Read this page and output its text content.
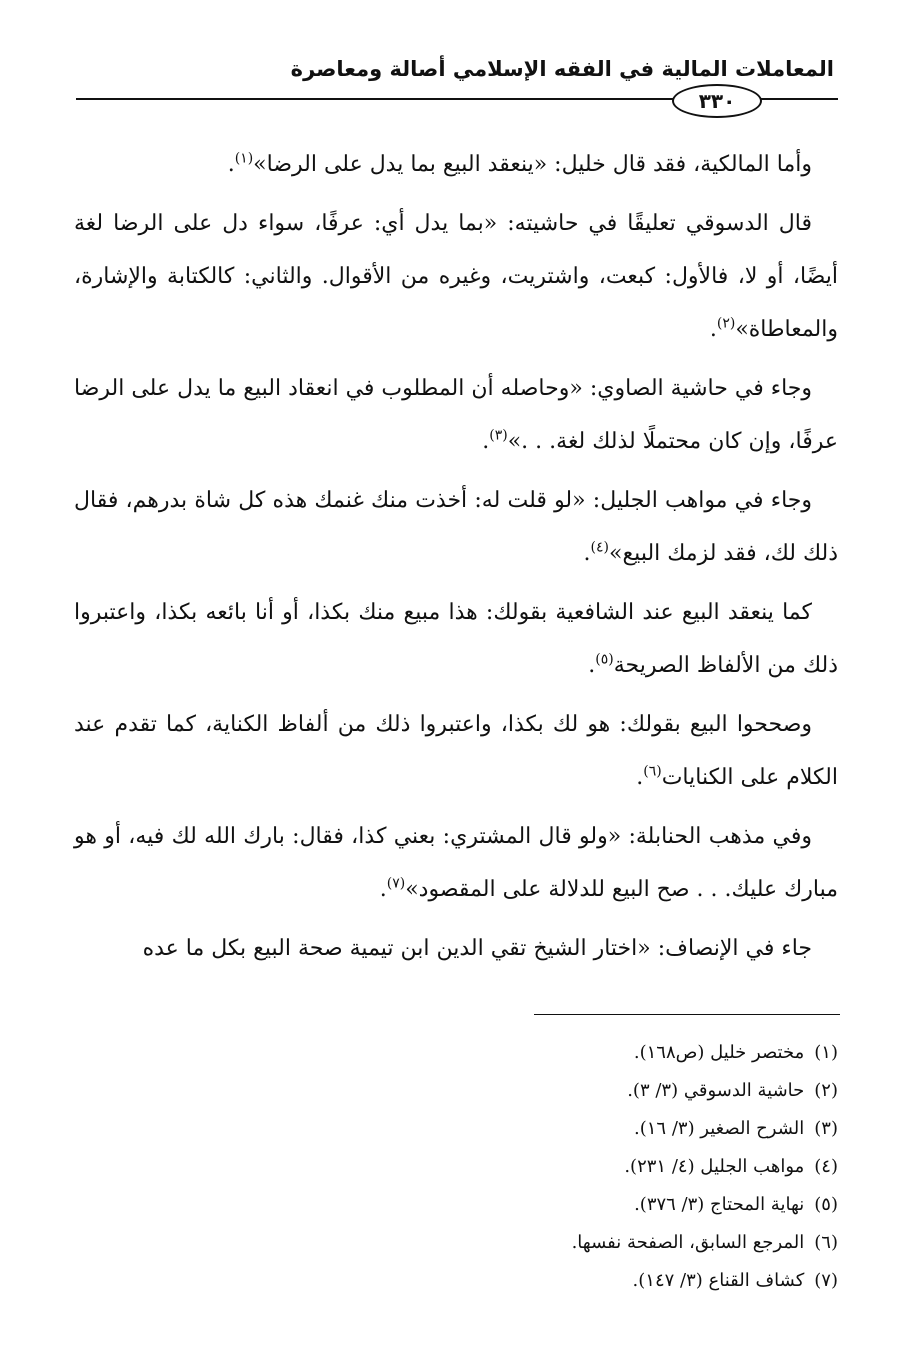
المعاملات المالية في الفقه الإسلامي أصالة ومعاصرة
٣٣٠

وأما المالكية، فقد قال خليل: «ينعقد البيع بما يدل على الرضا»$^{(١)}$.

قال الدسوقي تعليقًا في حاشيته: «بما يدل أي: عرفًا، سواء دل على الرضا لغة أيضًا، أو لا، فالأول: كبعت، واشتريت، وغيره من الأقوال. والثاني: كالكتابة والإشارة، والمعاطاة»$^{(٢)}$.

وجاء في حاشية الصاوي: «وحاصله أن المطلوب في انعقاد البيع ما يدل على الرضا عرفًا، وإن كان محتملًا لذلك لغة. . .»$^{(٣)}$.

وجاء في مواهب الجليل: «لو قلت له: أخذت منك غنمك هذه كل شاة بدرهم، فقال ذلك لك، فقد لزمك البيع»$^{(٤)}$.

كما ينعقد البيع عند الشافعية بقولك: هذا مبيع منك بكذا، أو أنا بائعه بكذا، واعتبروا ذلك من الألفاظ الصريحة$^{(٥)}$.

وصححوا البيع بقولك: هو لك بكذا، واعتبروا ذلك من ألفاظ الكناية، كما تقدم عند الكلام على الكنايات$^{(٦)}$.

وفي مذهب الحنابلة: «ولو قال المشتري: بعني كذا، فقال: بارك الله لك فيه، أو هو مبارك عليك. . . صح البيع للدلالة على المقصود»$^{(٧)}$.

جاء في الإنصاف: «اختار الشيخ تقي الدين ابن تيمية صحة البيع بكل ما عده

(١)مختصر خليل (ص١٦٨).
(٢)حاشية الدسوقي (٣/ ٣).
(٣)الشرح الصغير (٣/ ١٦).
(٤)مواهب الجليل (٤/ ٢٣١).
(٥)نهاية المحتاج (٣/ ٣٧٦).
(٦)المرجع السابق، الصفحة نفسها.
(٧)كشاف القناع (٣/ ١٤٧).
